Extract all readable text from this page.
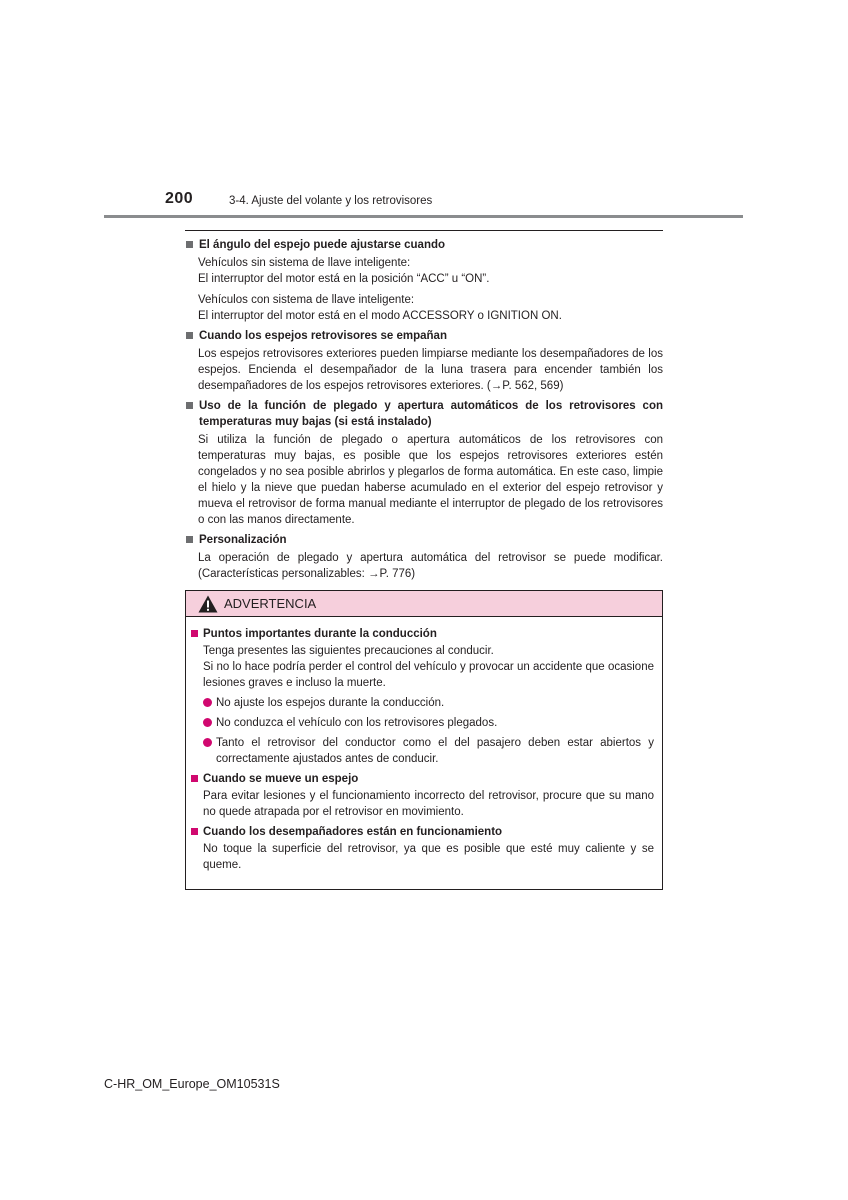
200	3-4. Ajuste del volante y los retrovisores
El ángulo del espejo puede ajustarse cuando
Vehículos sin sistema de llave inteligente:
El interruptor del motor está en la posición “ACC” u “ON”.
Vehículos con sistema de llave inteligente:
El interruptor del motor está en el modo ACCESSORY o IGNITION ON.
Cuando los espejos retrovisores se empañan
Los espejos retrovisores exteriores pueden limpiarse mediante los desempañadores de los espejos. Encienda el desempañador de la luna trasera para encender también los desempañadores de los espejos retrovisores exteriores. (→P. 562, 569)
Uso de la función de plegado y apertura automáticos de los retrovisores con temperaturas muy bajas (si está instalado)
Si utiliza la función de plegado o apertura automáticos de los retrovisores con temperaturas muy bajas, es posible que los espejos retrovisores exteriores estén congelados y no sea posible abrirlos y plegarlos de forma automática. En este caso, limpie el hielo y la nieve que puedan haberse acumulado en el exterior del espejo retrovisor y mueva el retrovisor de forma manual mediante el interruptor de plegado de los retrovisores o con las manos directamente.
Personalización
La operación de plegado y apertura automática del retrovisor se puede modificar. (Características personalizables: →P. 776)
ADVERTENCIA
Puntos importantes durante la conducción
Tenga presentes las siguientes precauciones al conducir.
Si no lo hace podría perder el control del vehículo y provocar un accidente que ocasione lesiones graves e incluso la muerte.
No ajuste los espejos durante la conducción.
No conduzca el vehículo con los retrovisores plegados.
Tanto el retrovisor del conductor como el del pasajero deben estar abiertos y correctamente ajustados antes de conducir.
Cuando se mueve un espejo
Para evitar lesiones y el funcionamiento incorrecto del retrovisor, procure que su mano no quede atrapada por el retrovisor en movimiento.
Cuando los desempañadores están en funcionamiento
No toque la superficie del retrovisor, ya que es posible que esté muy caliente y se queme.
C-HR_OM_Europe_OM10531S
